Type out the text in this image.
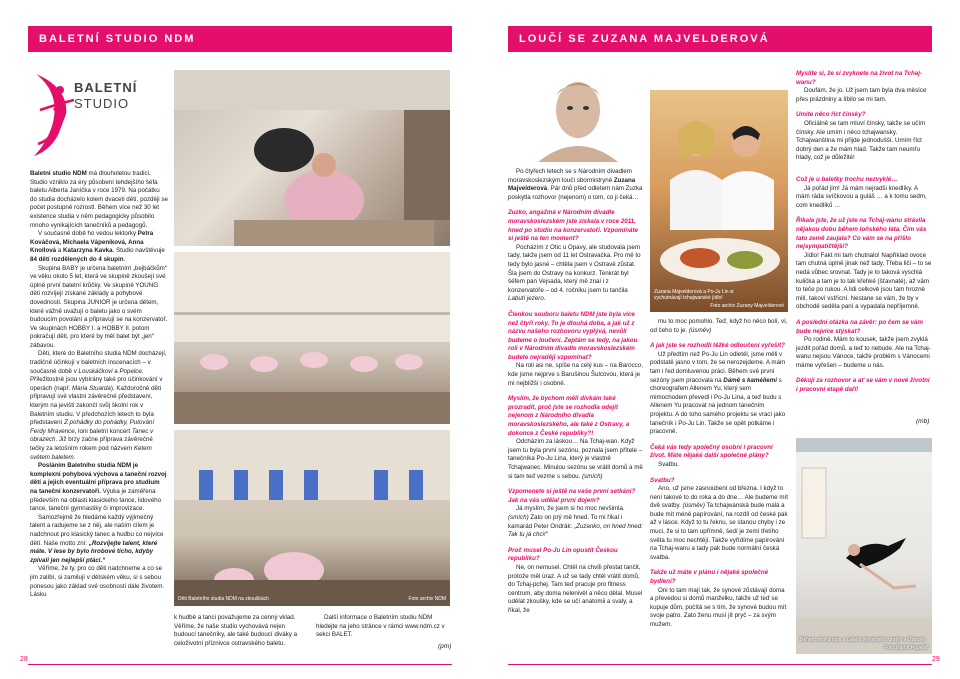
BALETNÍ STUDIO NDM
BALETNÍ
STUDIO

Baletní studio NDM má dlouholetou tradici. Studio vzniklo za éry působení tehdejšího šéfa baletu Alberta Janíčka v roce 1979. Na počátku do studia docházelo kolem dvaceti dětí, později se počet postupně rozrostl. Během více než 30 let existence studia v něm pedagogicky působilo mnoho vynikajících tanečníků a pedagogů.

V současné době ho vedou lektorky Petra Kováčová, Michaela Vápeníková, Anna Knollová a Katarzyna Kavka. Studio navštěvuje 84 dětí rozdělených do 4 skupin.

Skupina BABY je určena baletním „bejbáčkům“ ve věku okolo 5 let, která ve skupině zkoušejí své úplně první baletní krůčky. Ve skupině YOUNG děti rozvíjejí získané základy a pohybové dovednosti. Skupina JUNIOR je určena dětem, které vážně uvažují o baletu jako o svém budoucím povolání a připravují se na konzervatoř. Ve skupinách HOBBY I. a HOBBY II. potom pokračují děti, pro které by měl balet být „jen“ zábavou.

Děti, které do Baletního studia NDM docházejí, tradičně účinkují v baletních inscenacích – v současné době v Louskáčkovi a Popelce. Příležitostně jsou vybírány také pro účinkování v operách (např. Maria Stuarda). Každoročně děti připravují své vlastní závěrečné představení, kterým na jevišti zakončí svůj školní rok v Baletním studiu. V předchozích letech to byla představení Z pohádky do pohádky, Putování Ferdy Mravence, loni baletní koncert Tanec v obrazech. Již brzy začne příprava závěrečné tečky za letošním rokem pod názvem Ketem světem baletem.

Posláním Baletního studia NDM je komplexní pohybová výchova a taneční rozvoj dětí a jejich eventuální příprava pro studium na taneční konzervatoři. Výuka je zaměřena především na oblasti klasického tance, lidového tance, taneční gymnastiky či improvizace.

Samozřejmě že hledáme každý výjimečný talent a radujeme se z něj, ale naším cílem je nadchnout pro klasický tanec a hudbu co nejvíce dětí. Naše motto zní: „Rozvíjejte talent, které máte. V lese by bylo hrobové ticho, kdyby zpívali jen nejlepší ptáci.“

Věříme, že ty, pro co děti nadchneme a co se jim zalíbí, si zamilují v dětském věku, si s sebou ponesou jako základ své osobnosti dále životem. Lásku

Děti Baletního studia NDM na zkouškách	Foto archiv NDM

k hudbě a tanci považujeme za cenný vklad. Věříme, že naše studio vychovává nejen budoucí tanečníky, ale také budoucí diváky a celoživotní příznivce ostravského baletu.

Další informace o Baletním studiu NDM hledejte na jeho stránce v rámci www.ndm.cz v sekci BALET.

(pm)
28
LOUČÍ SE ZUZANA MAJVELDEROVÁ

Po čtyřech letech se s Národním divadlem moravskoslezským loučí sbormistryně Zuzana Majvelderová. Pár dnů před odletem nám Zuzka poskytla rozhovor (nejenom) o tom, co ji čeká…

Zuzko, angažmá v Národním divadle moravskoslezském jste získala v roce 2011, hned po studiu na konzervatoři. Vzpomínáte si ještě na ten moment?

Pocházím z Otic u Opavy, ale studovala jsem tady, takže jsem od 11 let Ostravačka. Pro mě to tedy bylo jasné – chtěla jsem v Ostravě zůstat. Šla jsem do Ostravy na konkurz. Tenkrát byl šéfem pan Vejsada, který mě znal i z konzervatoře – od 4. ročníku jsem tu tančila Labutí jezero.

Členkou souboru baletu NDM jste byla více než čtyři roky. To je dlouhá doba, a jak už z názvu našeho rozhovoru vyplývá, nevůlí budeme o loučení. Zeptám se tedy, na jakou roli v Národním divadle moravskoslezském budete nejraději vzpomínat?

Na roli asi ne, spíše na celý kus – na Barocco, kde jsme nejprve s Barušinou Šulcovou, která je mi nejbližší i osobně.

Myslím, že bychom měli dívkám také prozradit, proč jste se rozhodla odejít nejenom z Národního divadla moravskoslezského, ale také z Ostravy, a dokonce z České republiky?!

Odcházím za láskou… Na Tchaj-wan. Když jsem tu byla první sezónu, poznala jsem přítele – tanečníka Po-Ju Lina, který je vlastně Tchajwanec. Minulou sezónu se vrátil domů a mě si tam teď vezme s sebou. (smích)

Vzpomenete si ještě na vaše první setkání? Jak na vás udělal první dojem?

Já myslím, že jsem si ho moc nevšimla. (smích) Zato on prý mě hned. To mi říkal i kamarád Peter Ondrák: „Zuzanko, on hned hned: Tak tu já chci!“

Proč musel Po-Ju Lin opustit Českou republiku?

Ne, on nemusel. Chtěl na chvíli přestat tančit, protože měl úraz. A už se tady chtěl vrátit domů, do Tchaj-pchej. Tam teď pracuje pro fitness centrum, aby doma nelenivěl a něco dělal. Musel udělat zkoušky, kde se učí anatomii a svaly, a říkal, že

Zuzana Majvelderová a Po-Ju Lin si vychutnávají tchajwanské jídlo!
Foto archiv Zuzany Majvelderové

mu to moc pomohlo. Teď, když ho něco bolí, ví, od čeho to je. (úsměv)

A jak jste se rozhodli těžké odloučení vyřešit?

Už předtím než Po-Ju Lin odletěl, jsme měli v podstatě jasno v tom, že se nerozejdeme. A mám tam i řed domluvenou práci. Během své první sezóny jsem pracovala na Dámě s kaméliemi s choreografem Allenem Yu, který sem mimochodem převedl i Po-Ju Lina, a teď budu s Allenem Yu pracovat na jednom tanečním projektu. A do toho samého projektu se vrací jako tanečník i Po-Ju Lin. Takže se opět potkáme i pracovně.

Čeká vás tedy společný osobní i pracovní život. Máte nějaké další společné plány?

Svatbu.

Svatbu?

Ano, už jsme zasnoubení od března. I když to není takové to do roka a do dne… Ale budeme mít dvě svatby. (úsměv) Ta tchajwanská bude malá a bude mít méně papírování, na rozdíl od české pak až v lásce. Když to tu řeknu, se stanou chyby i ze muci, že si to tam upřímně, šedí je zemí třetího světa tu moc nechtějí. Takže vyřídíme papírování na Tchaj-wanu a tady pak bude normální česká svatba.

Takže už máte v plánu i nějaké společné bydlení?

Oni to tam mají tak, že synové zůstávají doma a převedou si domů manželku, takže už teď se kupuje dům, počítá se s tím, že synové budou mít svoje patro. Zato ženu musí jít pryč – za svým mužem.

Myslíte si, že si zvyknete na život na Tchaj-wanu?

Doufám, že jo. Už jsem tam byla dva měsíce přes prázdniny a líbilo se mi tam.

Umíte něco říct čínsky?

Oficiálně se tam mluví čínsky, takže se učím čínsky. Ale umím i něco tchajwansky. Tchajwanština mi přijde jednodušší. Umím říct dobrý den a že mám hlad. Takže tam neumřu hlady, což je důležité!

Což je u baletky trochu nezvyklé…

Já pořád jím! Já mám nejradši knedlíky. A mám ráda svíčkovou a guláš … a k tomu sedm, com knedlíků …

Říkala jste, že už jste na Tchaj-wanu strávila nějakou dobu během loňského léta. Čím vás tato země zaujala? Co vám se na přišlo nejsympatičtější?

Jídlo! Fakt mi tam chutnalo! Například ovoce tam chutná úplně jinak než tady. Třeba liči – to se nedá vůbec srovnat. Tady je to taková vyschlá kulička a tam je to tak křehké (šťavnaté), až vám to teče po rukou. A lidi celkově jsou tam hrozně milí, takoví vstřícní. Nestane se vám, že by v obchodě seděla paní a vypadala nepříjemně.

A poslední otázka na závěr: po čem se vám bude nejvíce stýskat?

Po rodině. Mám to kousek, takže jsem zvyklá jezdit pořád domů, a teď to nebude. Ale na Tchaj-wanu nejsou Vánoce, takže problém s Vánocemi máme vyřešen – budeme u nás.

Děkuji za rozhovor a ať se vám v nové životní i pracovní etapě daří!

(mb)
Během workshopu v Galerii výtvarného umění v Ostravě
Foto Martin Popelář
29
